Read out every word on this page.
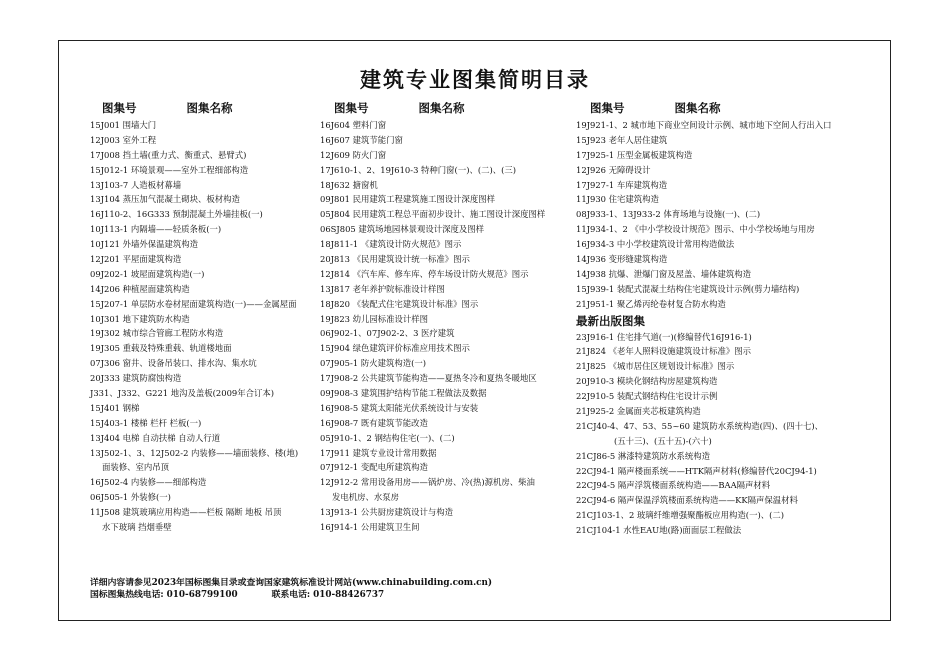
建筑专业图集简明目录
图集号	图集名称
15J001 围墙大门
12J003 室外工程
17J008 挡土墙(重力式、衡重式、悬臂式)
15J012-1 环境景观——室外工程细部构造
13J103-7 人造板材幕墙
13J104 蒸压加气混凝土砌块、板材构造
16J110-2、16G333 预制混凝土外墙挂板(一)
10J113-1 内隔墙——轻质条板(一)
10J121 外墙外保温建筑构造
12J201 平屋面建筑构造
09J202-1 坡屋面建筑构造(一)
14J206 种植屋面建筑构造
15J207-1 单层防水卷材屋面建筑构造(一)——金属屋面
10J301 地下建筑防水构造
19J302 城市综合管廊工程防水构造
19J305 重载及特殊重载、轨道楼地面
07J306 窗井、设备吊装口、排水沟、集水坑
20J333 建筑防腐蚀构造
J331、J332、G221 地沟及盖板(2009年合订本)
15J401 钢梯
15J403-1 楼梯 栏杆 栏板(一)
13J404 电梯 自动扶梯 自动人行道
13J502-1、3、12J502-2 内装修——墙面装修、楼(地)
面装修、室内吊顶
16J502-4 内装修——细部构造
06J505-1 外装修(一)
11J508 建筑玻璃应用构造——栏板 隔断 地板 吊顶
水下玻璃 挡烟垂壁
图集号	图集名称
16J604 塑料门窗
16J607 建筑节能门窗
12J609 防火门窗
17J610-1、2、19J610-3 特种门窗(一)、(二)、(三)
18J632 搪窗机
09J801 民用建筑工程建筑施工图设计深度图样
05J804 民用建筑工程总平面初步设计、施工图设计深度图样
06SJ805 建筑场地园林景观设计深度及图样
18J811-1 《建筑设计防火规范》图示
20J813 《民用建筑设计统一标准》图示
12J814 《汽车库、修车库、停车场设计防火规范》图示
13J817 老年养护院标准设计样图
18J820 《装配式住宅建筑设计标准》图示
19J823 幼儿园标准设计样图
06J902-1、07J902-2、3 医疗建筑
15J904 绿色建筑评价标准应用技术图示
07J905-1 防火建筑构造(一)
17J908-2 公共建筑节能构造——夏热冬冷和夏热冬暖地区
09J908-3 建筑围护结构节能工程做法及数据
16J908-5 建筑太阳能光伏系统设计与安装
16J908-7 既有建筑节能改造
05J910-1、2 钢结构住宅(一)、(二)
17J911 建筑专业设计常用数据
07J912-1 变配电所建筑构造
12J912-2 常用设备用房——锅炉房、冷(热)源机房、柴油
发电机房、水泵房
13J913-1 公共厨房建筑设计与构造
16J914-1 公用建筑卫生间
图集号	图集名称
19J921-1、2 城市地下商业空间设计示例、城市地下空间人行出入口
15J923 老年人居住建筑
17J925-1 压型金属板建筑构造
12J926 无障碍设计
17J927-1 车库建筑构造
11J930 住宅建筑构造
08J933-1、13J933-2 体育场地与设施(一)、(二)
11J934-1、2 《中小学校设计规范》图示、中小学校场地与用房
16J934-3 中小学校建筑设计常用构造做法
14J936 变形缝建筑构造
14J938 抗爆、泄爆门窗及屋盖、墙体建筑构造
15J939-1 装配式混凝土结构住宅建筑设计示例(剪力墙结构)
21J951-1 聚乙烯丙纶卷材复合防水构造
最新出版图集
23J916-1 住宅排气道(一)(修编替代16J916-1)
21J824 《老年人照料设施建筑设计标准》图示
21J825 《城市居住区规划设计标准》图示
20J910-3 模块化钢结构房屋建筑构造
22J910-5 装配式钢结构住宅设计示例
21J925-2 金属面夹芯板建筑构造
21CJ40-4、47、53、55~60 建筑防水系统构造(四)、(四十七)、
(五十三)、(五十五)-(六十)
21CJ86-5 淋漆特建筑防水系统构造
22CJ94-1 隔声楼面系统——HTK隔声材料(修编替代20CJ94-1)
22CJ94-5 隔声浮筑楼面系统构造——BAA隔声材料
22CJ94-6 隔声保温浮筑楼面系统构造——KK隔声保温材料
21CJ103-1、2 玻璃纤维增强聚酯板应用构造(一)、(二)
21CJ104-1 水性EAU地(路)面面层工程做法
详细内容请参见2023年国标图集目录或查询国家建筑标准设计网站(www.chinabuilding.com.cn)
国标图集热线电话: 010-68799100	联系电话: 010-88426737
